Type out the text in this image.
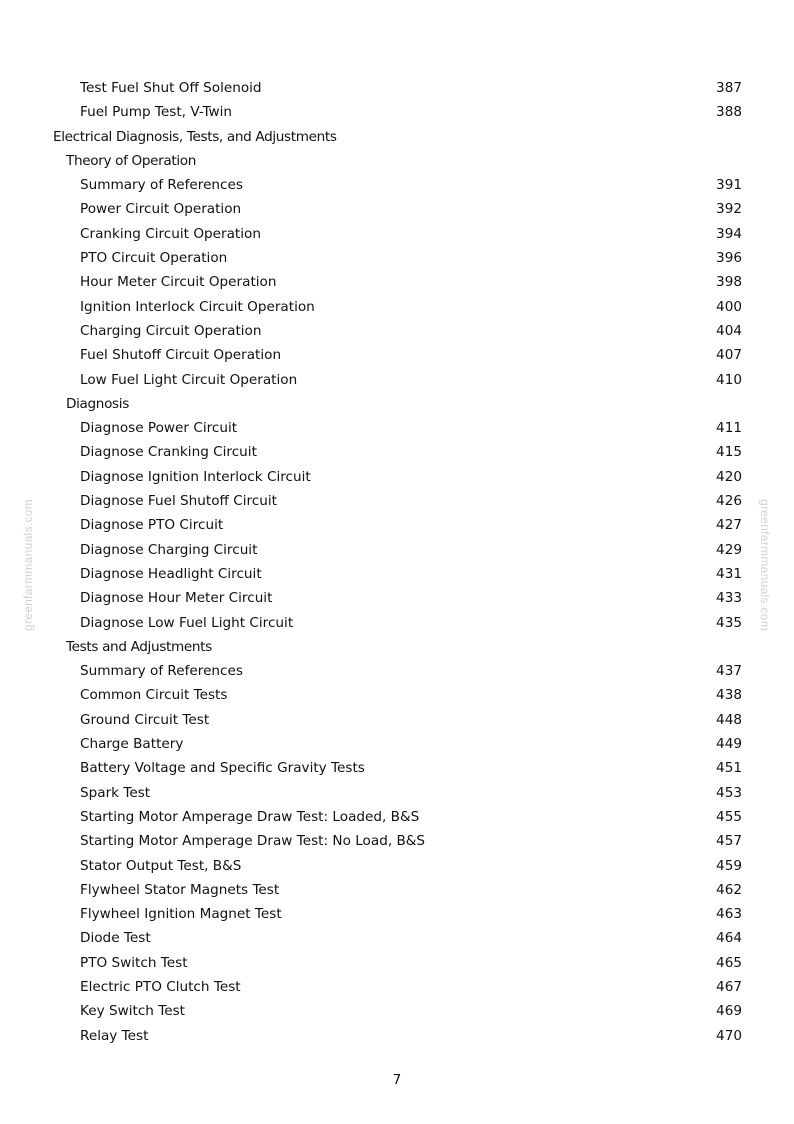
greenfarmmanuals.com	greenfarmmanuals.com
Test Fuel Shut Off Solenoid	387
Fuel Pump Test, V-Twin	388
Electrical Diagnosis, Tests, and Adjustments
Theory of Operation
Summary of References	391
Power Circuit Operation	392
Cranking Circuit Operation	394
PTO Circuit Operation	396
Hour Meter Circuit Operation	398
Ignition Interlock Circuit Operation	400
Charging Circuit Operation	404
Fuel Shutoff Circuit Operation	407
Low Fuel Light Circuit Operation	410
Diagnosis
Diagnose Power Circuit	411
Diagnose Cranking Circuit	415
Diagnose Ignition Interlock Circuit	420
Diagnose Fuel Shutoff Circuit	426
Diagnose PTO Circuit	427
Diagnose Charging Circuit	429
Diagnose Headlight Circuit	431
Diagnose Hour Meter Circuit	433
Diagnose Low Fuel Light Circuit	435
Tests and Adjustments
Summary of References	437
Common Circuit Tests	438
Ground Circuit Test	448
Charge Battery	449
Battery Voltage and Specific Gravity Tests	451
Spark Test	453
Starting Motor Amperage Draw Test: Loaded, B&S	455
Starting Motor Amperage Draw Test: No Load, B&S	457
Stator Output Test, B&S	459
Flywheel Stator Magnets Test	462
Flywheel Ignition Magnet Test	463
Diode Test	464
PTO Switch Test	465
Electric PTO Clutch Test	467
Key Switch Test	469
Relay Test	470
7
